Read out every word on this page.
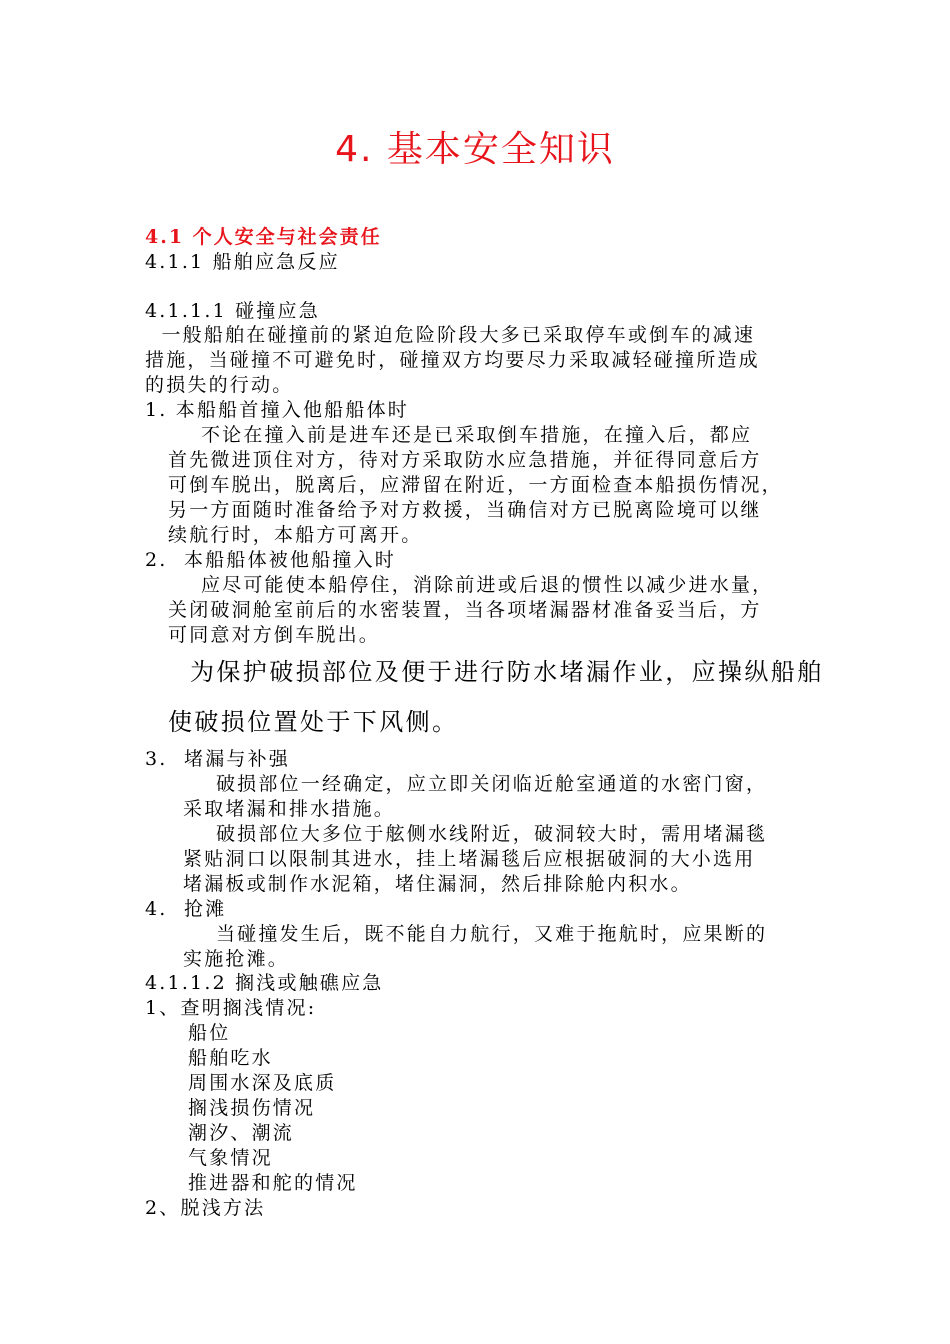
4. 基本安全知识
4.1 个人安全与社会责任
4.1.1 船舶应急反应
4.1.1.1 碰撞应急
一般船舶在碰撞前的紧迫危险阶段大多已采取停车或倒车的减速
措施，当碰撞不可避免时，碰撞双方均要尽力采取减轻碰撞所造成
的损失的行动。
1. 本船船首撞入他船船体时
不论在撞入前是进车还是已采取倒车措施，在撞入后，都应
首先微进顶住对方，待对方采取防水应急措施，并征得同意后方
可倒车脱出，脱离后，应滞留在附近，一方面检查本船损伤情况，
另一方面随时准备给予对方救援，当确信对方已脱离险境可以继
续航行时，本船方可离开。
2.  本船船体被他船撞入时
应尽可能使本船停住，消除前进或后退的惯性以减少进水量，
关闭破洞舱室前后的水密装置，当各项堵漏器材准备妥当后，方
可同意对方倒车脱出。
为保护破损部位及便于进行防水堵漏作业，应操纵船舶
使破损位置处于下风侧。
3.  堵漏与补强
破损部位一经确定，应立即关闭临近舱室通道的水密门窗，
采取堵漏和排水措施。
破损部位大多位于舷侧水线附近，破洞较大时，需用堵漏毯
紧贴洞口以限制其进水，挂上堵漏毯后应根据破洞的大小选用
堵漏板或制作水泥箱，堵住漏洞，然后排除舱内积水。
4.  抢滩
当碰撞发生后，既不能自力航行，又难于拖航时，应果断的
实施抢滩。
4.1.1.2 搁浅或触礁应急
1、查明搁浅情况:
船位
船舶吃水
周围水深及底质
搁浅损伤情况
潮汐、潮流
气象情况
推进器和舵的情况
2、脱浅方法
